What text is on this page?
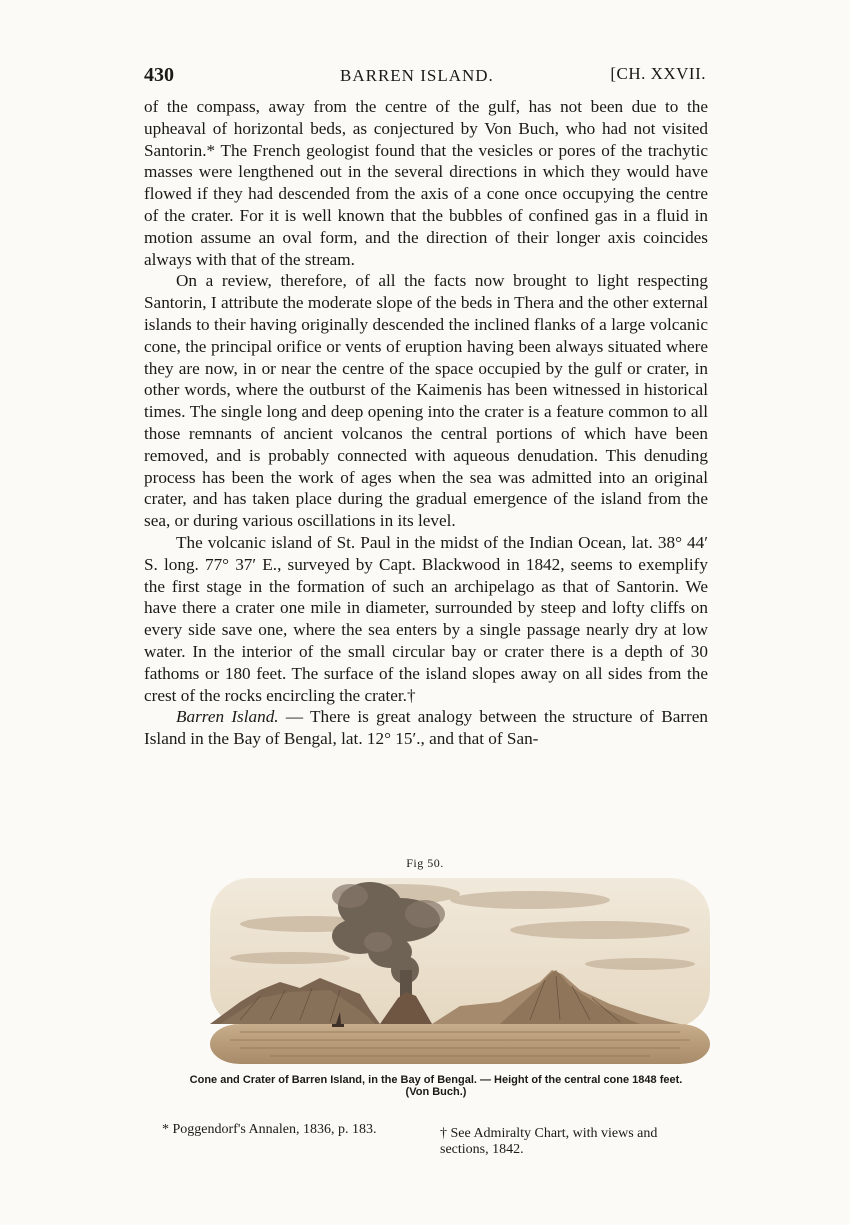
430	BARREN ISLAND.	[CH. XXVII.

of the compass, away from the centre of the gulf, has not been due to the upheaval of horizontal beds, as conjectured by Von Buch, who had not visited Santorin.* The French geologist found that the vesicles or pores of the trachytic masses were lengthened out in the several directions in which they would have flowed if they had descended from the axis of a cone once occupying the centre of the crater. For it is well known that the bubbles of confined gas in a fluid in motion assume an oval form, and the direction of their longer axis coincides always with that of the stream.

On a review, therefore, of all the facts now brought to light respecting Santorin, I attribute the moderate slope of the beds in Thera and the other external islands to their having originally descended the inclined flanks of a large volcanic cone, the principal orifice or vents of eruption having been always situated where they are now, in or near the centre of the space occupied by the gulf or crater, in other words, where the outburst of the Kaimenis has been witnessed in historical times. The single long and deep opening into the crater is a feature common to all those remnants of ancient volcanos the central portions of which have been removed, and is probably connected with aqueous denudation. This denuding process has been the work of ages when the sea was admitted into an original crater, and has taken place during the gradual emergence of the island from the sea, or during various oscillations in its level.

The volcanic island of St. Paul in the midst of the Indian Ocean, lat. 38° 44′ S. long. 77° 37′ E., surveyed by Capt. Blackwood in 1842, seems to exemplify the first stage in the formation of such an archipelago as that of Santorin. We have there a crater one mile in diameter, surrounded by steep and lofty cliffs on every side save one, where the sea enters by a single passage nearly dry at low water. In the interior of the small circular bay or crater there is a depth of 30 fathoms or 180 feet. The surface of the island slopes away on all sides from the crest of the rocks encircling the crater.†

Barren Island. — There is great analogy between the structure of Barren Island in the Bay of Bengal, lat. 12° 15′., and that of San-

Fig 50.
Cone and Crater of Barren Island, in the Bay of Bengal. — Height of the central cone 1848 feet.
(Von Buch.)
* Poggendorf's Annalen, 1836, p. 183.	† See Admiralty Chart, with views and sections, 1842.
